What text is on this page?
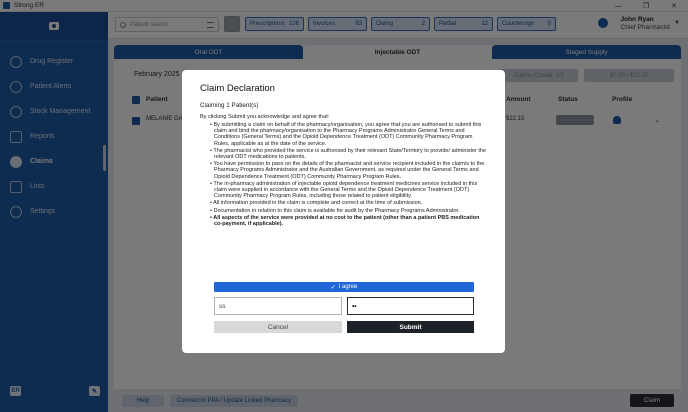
Claim Declaration
Claiming 1 Patient(s)
By clicking Submit you acknowledge and agree that:
• By submitting a claim on behalf of the pharmacy/organisation, you agree that you are authorised to submit this claim and bind the pharmacy/organisation to the Pharmacy Programs Administrator General Terms and Conditions (General Terms) and the Opioid Dependence Treatment (ODT) Community Pharmacy Program Rules, applicable as at the date of the service.
• The pharmacist who provided the service is authorised by their relevant State/Territory to provide/ administer the relevant ODT medications to patients.
• You have permission to pass on the details of the pharmacist and service recipient included in the claim/s to the Pharmacy Programs Administrator and the Australian Government, as required under the General Terms and Opioid Dependence Treatment (ODT) Community Pharmacy Program Rules.
• The in-pharmacy administration of injectable opioid dependence treatment medicines service included in this claim were supplied in accordance with the General Terms and the Opioid Dependence Treatment (ODT) Community Pharmacy Program Rules, including those related to patient eligibility.
• All information provided in the claim is complete and correct at the time of submission.
• Documentation in relation to this claim is available for audit by the Pharmacy Programs Administrator.
• All aspects of the service were provided at no cost to the patient (other than a patient PBS medication co-payment, if applicable).
✓ I agree
ss	••
Cancel	Submit
